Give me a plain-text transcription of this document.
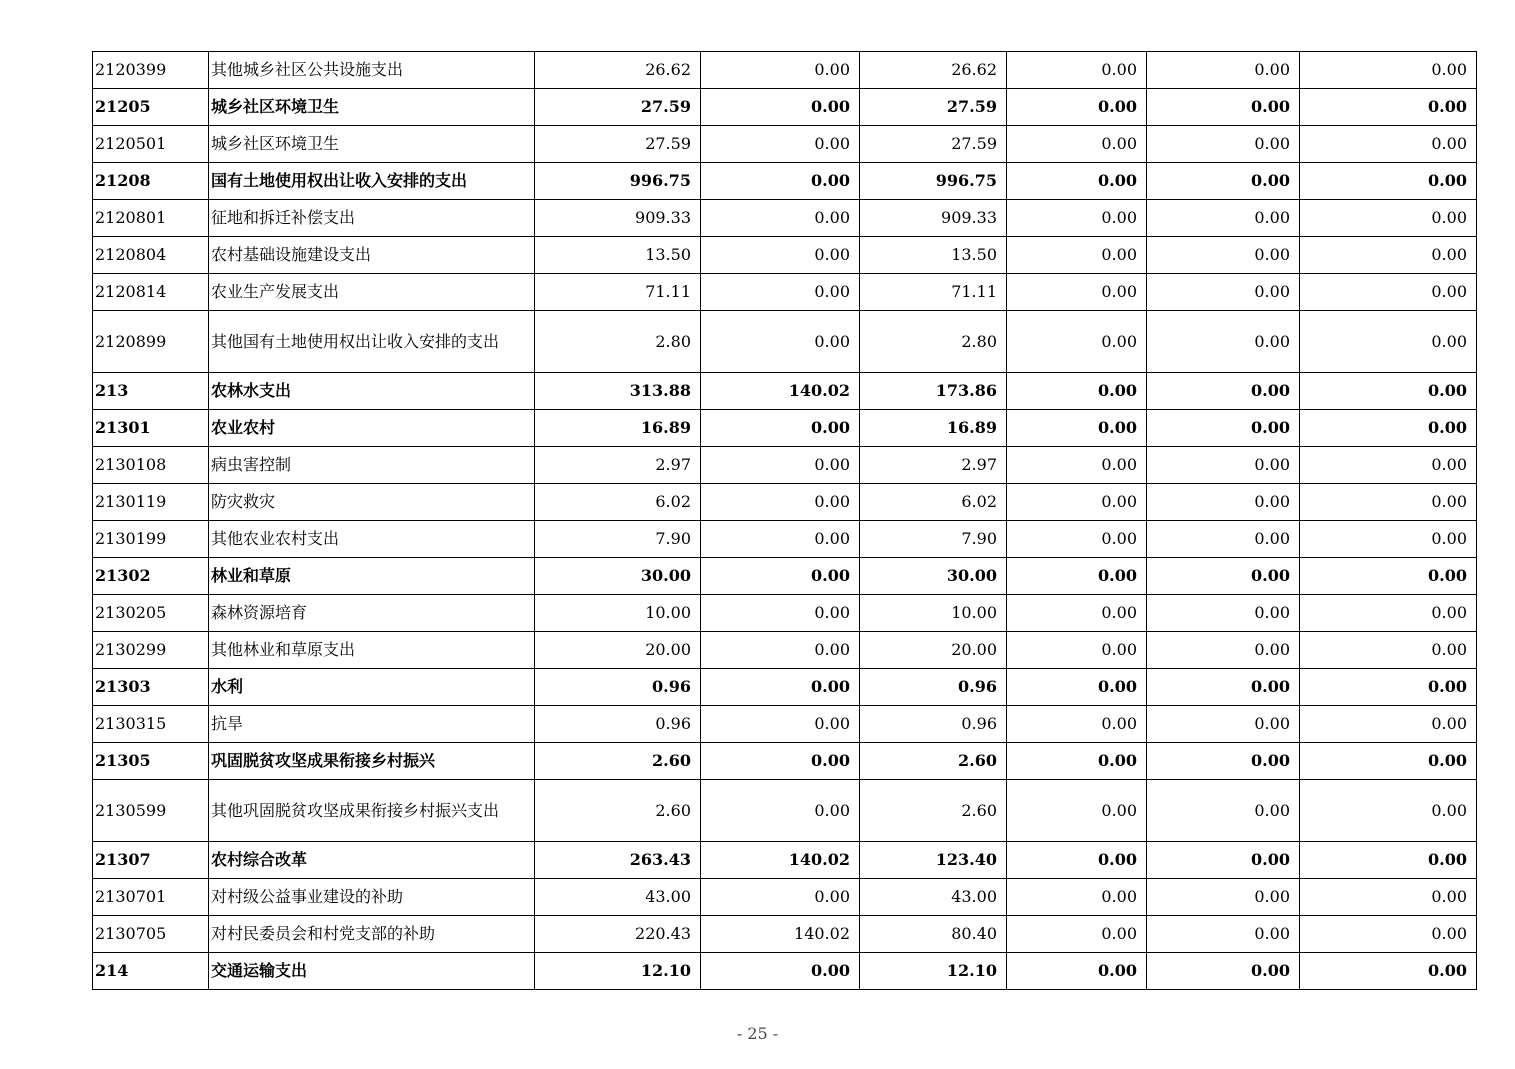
2120399	其他城乡社区公共设施支出	26.62	0.00	26.62	0.00	0.00	0.00
21205	城乡社区环境卫生	27.59	0.00	27.59	0.00	0.00	0.00
2120501	城乡社区环境卫生	27.59	0.00	27.59	0.00	0.00	0.00
21208	国有土地使用权出让收入安排的支出	996.75	0.00	996.75	0.00	0.00	0.00
2120801	征地和拆迁补偿支出	909.33	0.00	909.33	0.00	0.00	0.00
2120804	农村基础设施建设支出	13.50	0.00	13.50	0.00	0.00	0.00
2120814	农业生产发展支出	71.11	0.00	71.11	0.00	0.00	0.00
2120899	其他国有土地使用权出让收入安排的支出	2.80	0.00	2.80	0.00	0.00	0.00
213	农林水支出	313.88	140.02	173.86	0.00	0.00	0.00
21301	农业农村	16.89	0.00	16.89	0.00	0.00	0.00
2130108	病虫害控制	2.97	0.00	2.97	0.00	0.00	0.00
2130119	防灾救灾	6.02	0.00	6.02	0.00	0.00	0.00
2130199	其他农业农村支出	7.90	0.00	7.90	0.00	0.00	0.00
21302	林业和草原	30.00	0.00	30.00	0.00	0.00	0.00
2130205	森林资源培育	10.00	0.00	10.00	0.00	0.00	0.00
2130299	其他林业和草原支出	20.00	0.00	20.00	0.00	0.00	0.00
21303	水利	0.96	0.00	0.96	0.00	0.00	0.00
2130315	抗旱	0.96	0.00	0.96	0.00	0.00	0.00
21305	巩固脱贫攻坚成果衔接乡村振兴	2.60	0.00	2.60	0.00	0.00	0.00
2130599	其他巩固脱贫攻坚成果衔接乡村振兴支出	2.60	0.00	2.60	0.00	0.00	0.00
21307	农村综合改革	263.43	140.02	123.40	0.00	0.00	0.00
2130701	对村级公益事业建设的补助	43.00	0.00	43.00	0.00	0.00	0.00
2130705	对村民委员会和村党支部的补助	220.43	140.02	80.40	0.00	0.00	0.00
214	交通运输支出	12.10	0.00	12.10	0.00	0.00	0.00
- 25 -
